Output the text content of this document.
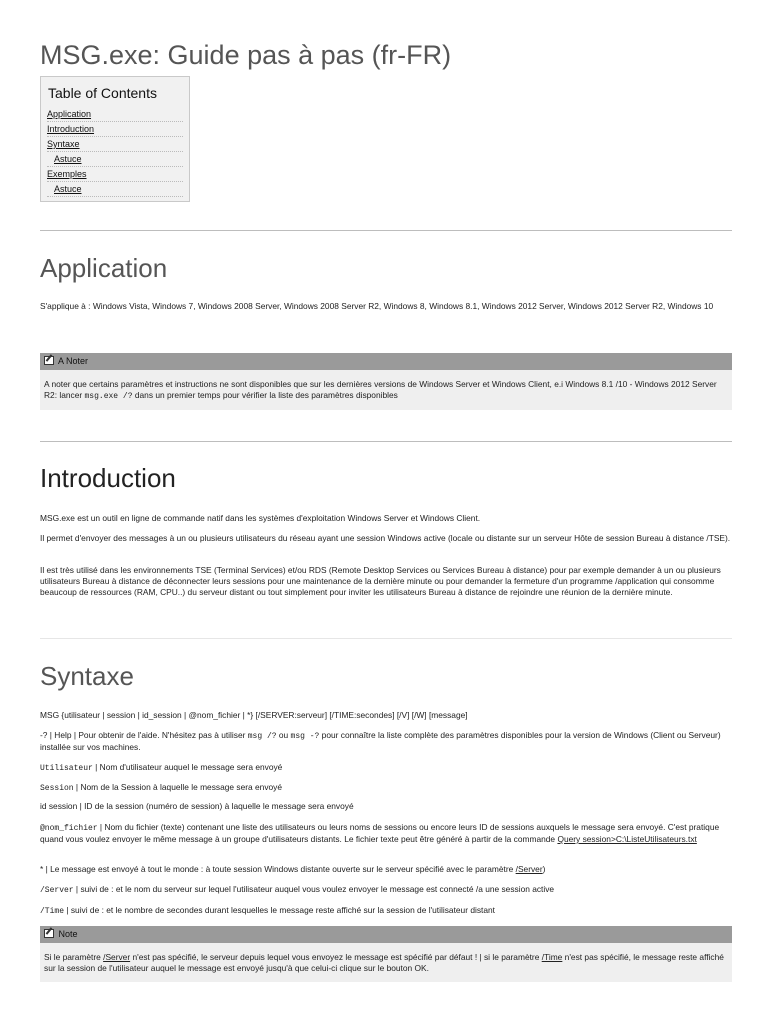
MSG.exe: Guide pas à pas (fr-FR)
Table of Contents
Application
Introduction
Syntaxe
Astuce
Exemples
Astuce
Application

S'applique à : Windows Vista, Windows 7, Windows 2008 Server, Windows 2008 Server R2, Windows 8, Windows 8.1, Windows 2012 Server, Windows 2012 Server R2, Windows 10

A Noter
A noter que certains paramètres et instructions ne sont disponibles que sur les dernières versions de Windows Server et Windows Client, e.i Windows 8.1 /10 - Windows 2012 Server R2: lancer msg.exe /? dans un premier temps pour vérifier la liste des paramètres disponibles
Introduction

MSG.exe est un outil en ligne de commande natif dans les systèmes d'exploitation Windows Server et Windows Client.

Il permet d'envoyer des messages à un ou plusieurs utilisateurs du réseau ayant une session Windows active (locale ou distante sur un serveur Hôte de session Bureau à distance /TSE).

Il est très utilisé dans les environnements TSE (Terminal Services) et/ou RDS (Remote Desktop Services ou Services Bureau à distance) pour par exemple demander à un ou plusieurs utilisateurs Bureau à distance de déconnecter leurs sessions pour une maintenance de la dernière minute ou pour demander la fermeture d'un programme /application qui consomme beaucoup de ressources (RAM, CPU..) du serveur distant ou tout simplement pour inviter les utilisateurs Bureau à distance de rejoindre une réunion de la dernière minute.

Syntaxe

MSG {utilisateur | session | id_session | @nom_fichier | *} [/SERVER:serveur] [/TIME:secondes] [/V] [/W] [message]

-? | Help | Pour obtenir de l'aide. N'hésitez pas à utiliser msg /? ou msg -? pour connaître la liste complète des paramètres disponibles pour la version de Windows (Client ou Serveur) installée sur vos machines.

Utilisateur | Nom d'utilisateur auquel le message sera envoyé

Session | Nom de la Session à laquelle le message sera envoyé

id session | ID de la session (numéro de session) à laquelle le message sera envoyé

@nom_fichier | Nom du fichier (texte) contenant une liste des utilisateurs ou leurs noms de sessions ou encore leurs ID de sessions auxquels le message sera envoyé. C'est pratique quand vous voulez envoyer le même message à un groupe d'utilisateurs distants. Le fichier texte peut être généré à partir de la commande Query session>C:\ListeUtilisateurs.txt

* | Le message est envoyé à tout le monde : à toute session Windows distante ouverte sur le serveur spécifié avec le paramètre /Server)

/Server | suivi de : et le nom du serveur sur lequel l'utilisateur auquel vous voulez envoyer le message est connecté /a une session active

/Time | suivi de : et le nombre de secondes durant lesquelles le message reste affiché sur la session de l'utilisateur distant

Note
Si le paramètre /Server n'est pas spécifié, le serveur depuis lequel vous envoyez le message est spécifié par défaut ! | si le paramètre /Time n'est pas spécifié, le message reste affiché sur la session de l'utilisateur auquel le message est envoyé jusqu'à que celui-ci clique sur le bouton OK.
